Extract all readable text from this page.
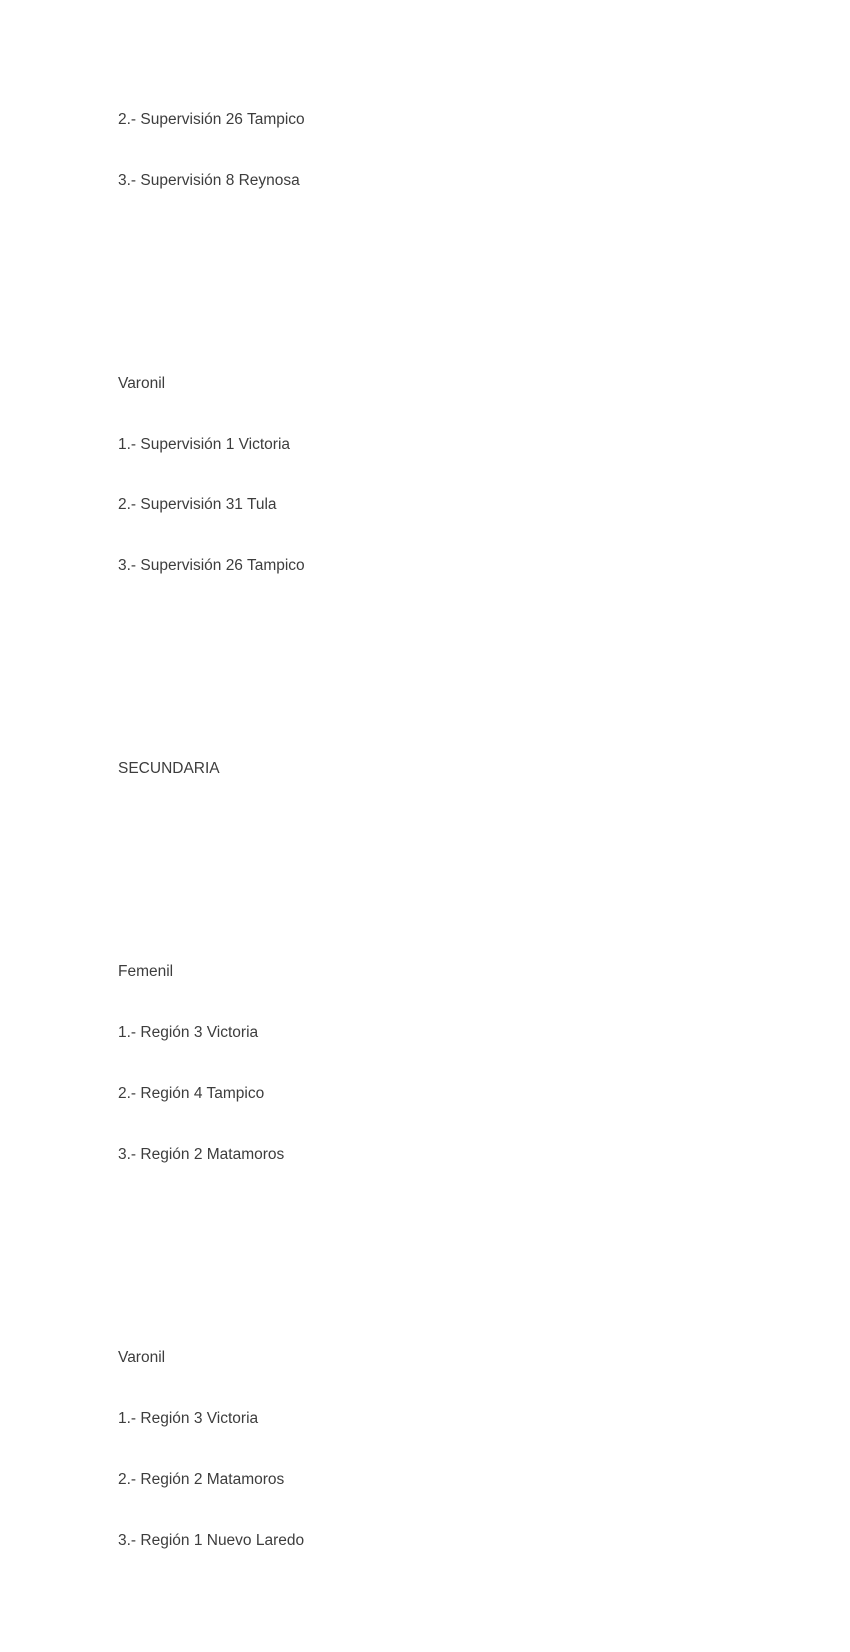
2.- Supervisión 26 Tampico

3.- Supervisión 8 Reynosa

Varonil

1.- Supervisión 1 Victoria

2.- Supervisión 31 Tula

3.- Supervisión 26 Tampico

SECUNDARIA

Femenil

1.- Región 3 Victoria

2.- Región 4 Tampico

3.- Región 2 Matamoros

Varonil

1.- Región 3 Victoria

2.- Región 2 Matamoros

3.- Región 1 Nuevo Laredo
